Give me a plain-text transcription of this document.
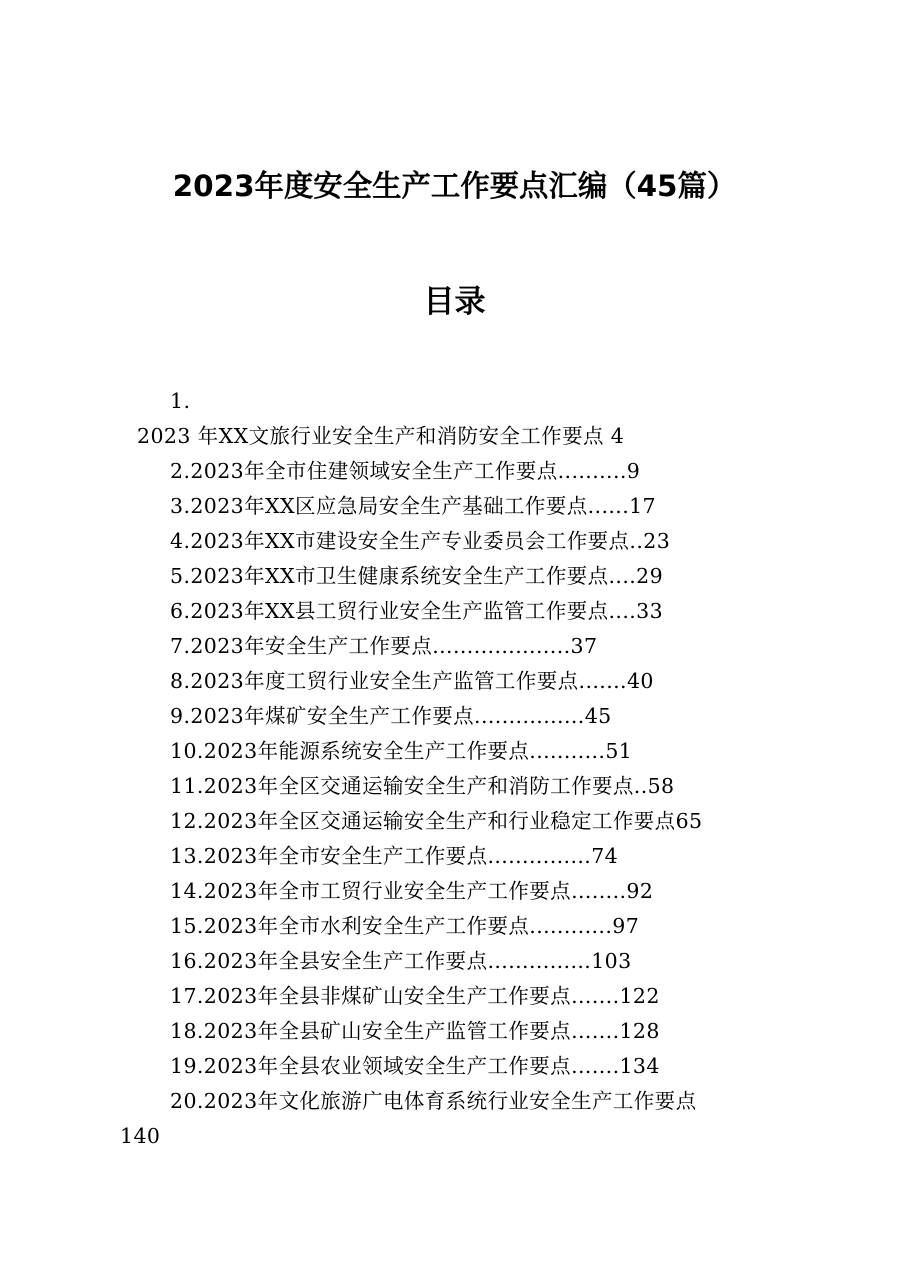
2023年度安全生产工作要点汇编（45篇）
目录
1.
2023 年XX文旅行业安全生产和消防安全工作要点 4
2.2023年全市住建领域安全生产工作要点..........9
3.2023年XX区应急局安全生产基础工作要点......17
4.2023年XX市建设安全生产专业委员会工作要点..23
5.2023年XX市卫生健康系统安全生产工作要点....29
6.2023年XX县工贸行业安全生产监管工作要点....33
7.2023年安全生产工作要点....................37
8.2023年度工贸行业安全生产监管工作要点.......40
9.2023年煤矿安全生产工作要点................45
10.2023年能源系统安全生产工作要点...........51
11.2023年全区交通运输安全生产和消防工作要点..58
12.2023年全区交通运输安全生产和行业稳定工作要点65
13.2023年全市安全生产工作要点...............74
14.2023年全市工贸行业安全生产工作要点........92
15.2023年全市水利安全生产工作要点............97
16.2023年全县安全生产工作要点...............103
17.2023年全县非煤矿山安全生产工作要点.......122
18.2023年全县矿山安全生产监管工作要点.......128
19.2023年全县农业领域安全生产工作要点.......134
20.2023年文化旅游广电体育系统行业安全生产工作要点
140
